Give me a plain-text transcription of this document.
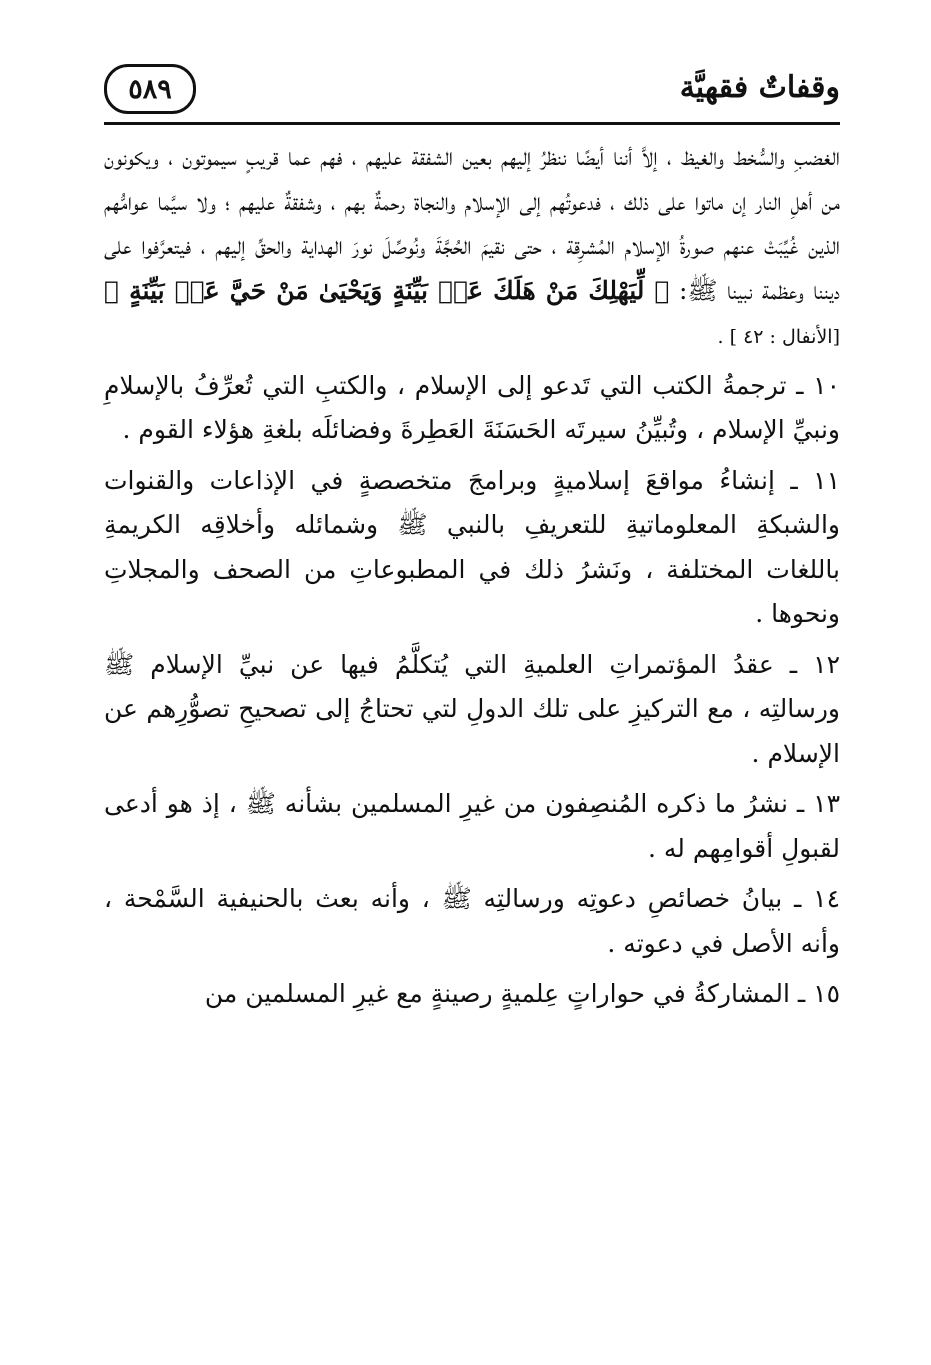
وقفاتٌ فقهيَّة
٥٨٩

الغضبِ والسُّخط والغيظ ، إلاَّ أننا أيضًا ننظرُ إليهم بعين الشفقة عليهم ، فهم عما قريبٍ سيموتون ، ويكونون من أهلِ النار إن ماتوا على ذلك ، فدعوتُهم إلى الإسلام والنجاة رحمةٌ بهم ، وشفقةٌ عليهم ؛ ولا سيَّما عوامُّهم الذين غُيِّبَتْ عنهم صورةُ الإسلام المُشرِقة ، حتى نقيمَ الحُجَّةَ ونُوصِّلَ نورَ الهداية والحقِّ إليهم ، فيتعرَّفوا على ديننا وعظمة نبينا ﷺ: ﴿ لِّيَهْلِكَ مَنْ هَلَكَ عَنۢ بَيِّنَةٍ وَيَحْيَىٰ مَنْ حَيَّ عَنۢ بَيِّنَةٍ ﴾ [الأنفال : ٤٢ ] .

١٠ ـ ترجمةُ الكتب التي تَدعو إلى الإسلام ، والكتبِ التي تُعرِّفُ بالإسلامِ ونبيِّ الإسلام ، وتُبيِّنُ سيرتَه الحَسَنَةَ العَطِرةَ وفضائلَه بلغةِ هؤلاء القوم .

١١ ـ إنشاءُ مواقعَ إسلاميةٍ وبرامجَ متخصصةٍ في الإذاعات والقنوات والشبكةِ المعلوماتيةِ للتعريفِ بالنبي ﷺ وشمائله وأخلاقِه الكريمةِ باللغات المختلفة ، ونَشرُ ذلك في المطبوعاتِ من الصحف والمجلاتِ ونحوها .

١٢ ـ عقدُ المؤتمراتِ العلميةِ التي يُتكلَّمُ فيها عن نبيِّ الإسلام ﷺ ورسالتِه ، مع التركيزِ على تلك الدولِ لتي تحتاجُ إلى تصحيحِ تصوُّرِهم عن الإسلام .

١٣ ـ نشرُ ما ذكره المُنصِفون من غيرِ المسلمين بشأنه ﷺ ، إذ هو أدعى لقبولِ أقوامِهم له .

١٤ ـ بيانُ خصائصِ دعوتِه ورسالتِه ﷺ ، وأنه بعث بالحنيفية السَّمْحة ، وأنه الأصل في دعوته .

١٥ ـ المشاركةُ في حواراتٍ عِلميةٍ رصينةٍ مع غيرِ المسلمين من
